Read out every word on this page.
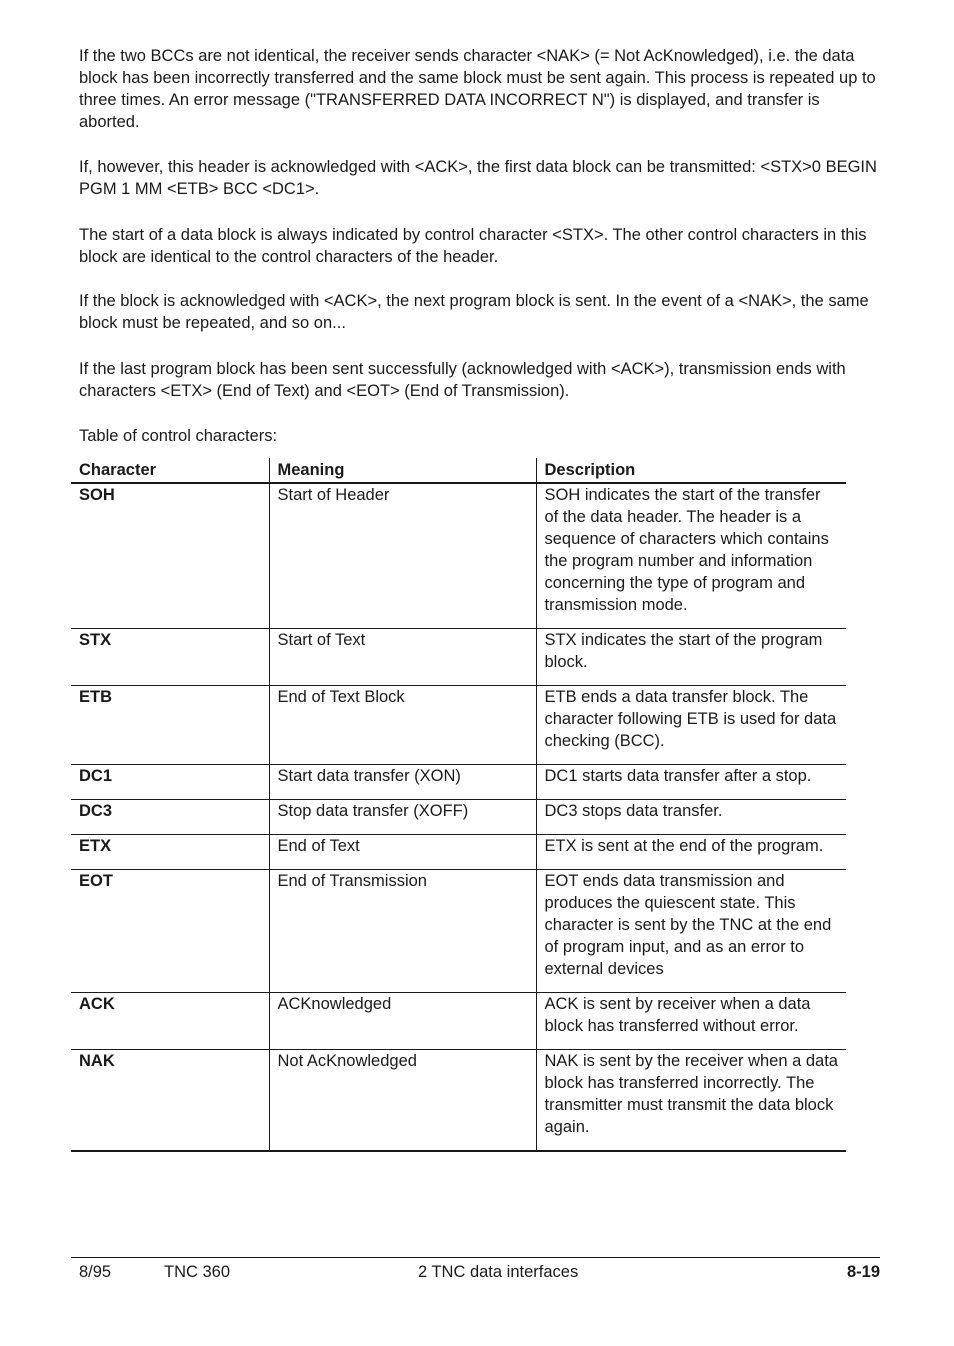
If the two BCCs are not identical, the receiver sends character <NAK> (= Not AcKnowledged), i.e. the data block has been incorrectly transferred and the same block must be sent again. This process is repeated up to three times. An error message ("TRANSFERRED DATA INCORRECT N") is displayed, and transfer is aborted.

If, however, this header is acknowledged with <ACK>, the first data block can be transmitted: <STX>0 BEGIN PGM 1 MM <ETB> BCC <DC1>.

The start of a data block is always indicated by control character <STX>. The other control characters in this block are identical to the control characters of the header.

If the block is acknowledged with <ACK>, the next program block is sent. In the event of a <NAK>, the same block must be repeated, and so on...

If the last program block has been sent successfully (acknowledged with <ACK>), transmission ends with characters <ETX> (End of Text) and <EOT> (End of Transmission).

Table of control characters:

Character	Meaning	Description
SOH	Start of Header	SOH indicates the start of the transfer of the data header. The header is a sequence of characters which contains the program number and information concerning the type of program and transmission mode.
STX	Start of Text	STX indicates the start of the program block.
ETB	End of Text Block	ETB ends a data transfer block. The character following ETB is used for data checking (BCC).
DC1	Start data transfer (XON)	DC1 starts data transfer after a stop.
DC3	Stop data transfer (XOFF)	DC3 stops data transfer.
ETX	End of Text	ETX is sent at the end of the program.
EOT	End of Transmission	EOT ends data transmission and produces the quiescent state. This character is sent by the TNC at the end of program input, and as an error to external devices
ACK	ACKnowledged	ACK is sent by receiver when a data block has transferred without error.
NAK	Not AcKnowledged	NAK is sent by the receiver when a data block has transferred incorrectly. The transmitter must transmit the data block again.
8/95	TNC 360	2 TNC data interfaces	8-19
